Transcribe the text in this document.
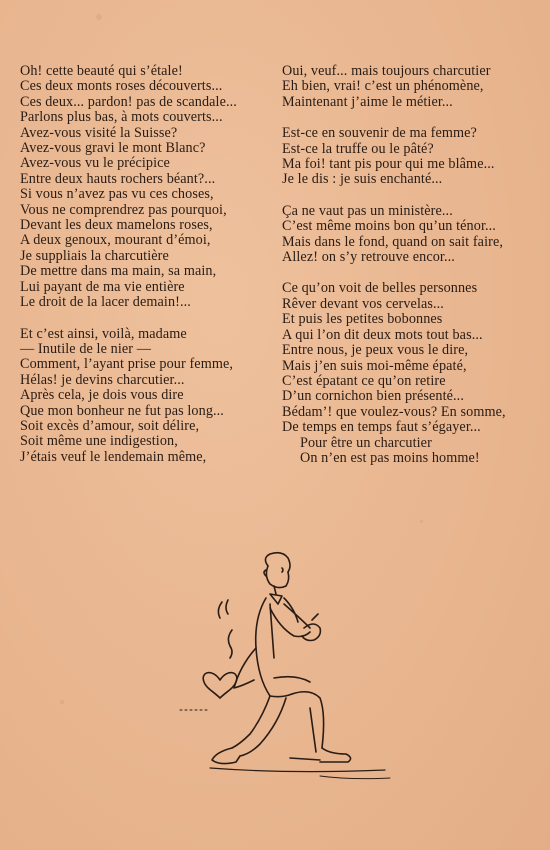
Oh! cette beauté qui s’étale!
Ces deux monts roses découverts...
Ces deux... pardon! pas de scandale...
Parlons plus bas, à mots couverts...
Avez-vous visité la Suisse?
Avez-vous gravi le mont Blanc?
Avez-vous vu le précipice
Entre deux hauts rochers béant?...
Si vous n’avez pas vu ces choses,
Vous ne comprendrez pas pourquoi,
Devant les deux mamelons roses,
A deux genoux, mourant d’émoi,
Je suppliais la charcutière
De mettre dans ma main, sa main,
Lui payant de ma vie entière
Le droit de la lacer demain!...
Et c’est ainsi, voilà, madame
— Inutile de le nier —
Comment, l’ayant prise pour femme,
Hélas! je devins charcutier...
Après cela, je dois vous dire
Que mon bonheur ne fut pas long...
Soit excès d’amour, soit délire,
Soit même une indigestion,
J’étais veuf le lendemain même,
Oui, veuf... mais toujours charcutier
Eh bien, vrai! c’est un phénomène,
Maintenant j’aime le métier...
Est-ce en souvenir de ma femme?
Est-ce la truffe ou le pâté?
Ma foi! tant pis pour qui me blâme...
Je le dis : je suis enchanté...
Ça ne vaut pas un ministère...
C’est même moins bon qu’un ténor...
Mais dans le fond, quand on sait faire,
Allez! on s’y retrouve encor...
Ce qu’on voit de belles personnes
Rêver devant vos cervelas...
Et puis les petites bobonnes
A qui l’on dit deux mots tout bas...
Entre nous, je peux vous le dire,
Mais j’en suis moi-même épaté,
C’est épatant ce qu’on retire
D’un cornichon bien présenté...
Bédam’! que voulez-vous? En somme,
De temps en temps faut s’égayer...
Pour être un charcutier
On n’en est pas moins homme!
